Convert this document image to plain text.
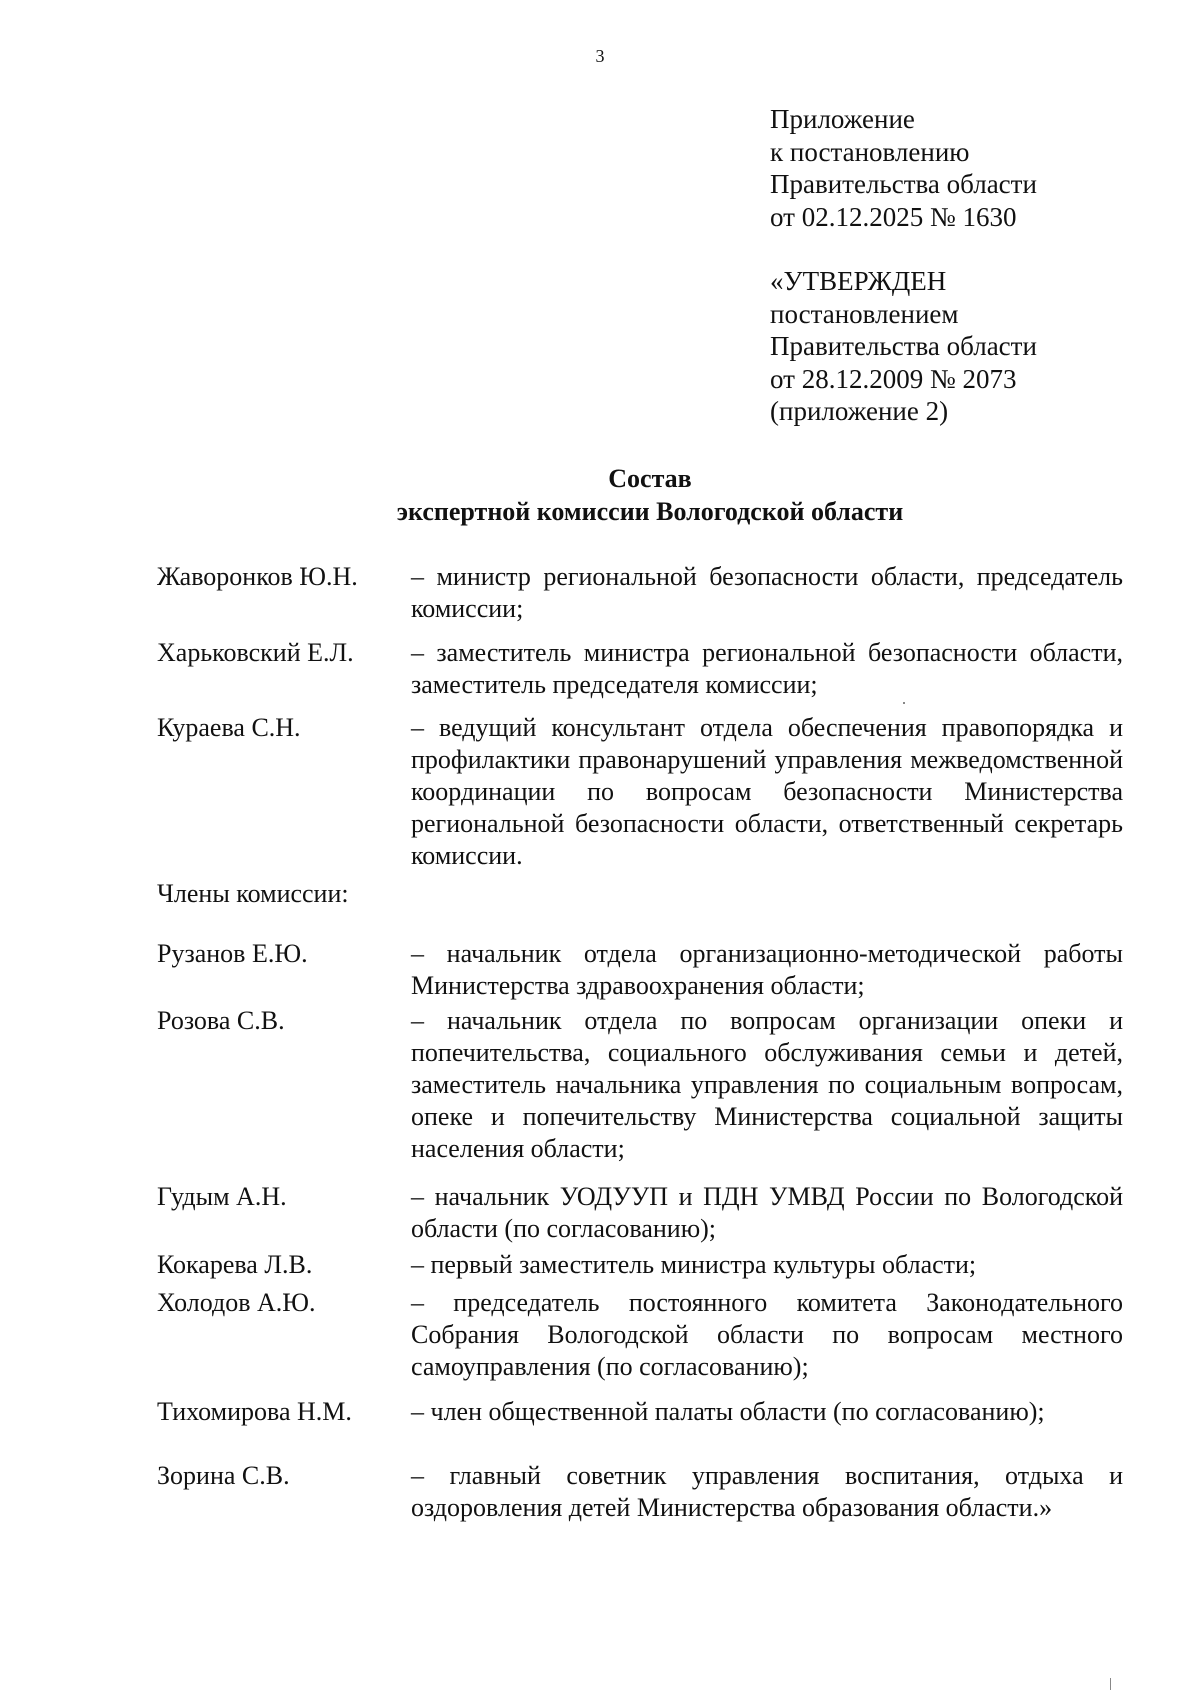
3
Приложение
к постановлению
Правительства области
от 02.12.2025 № 1630
«УТВЕРЖДЕН
постановлением
Правительства области
от 28.12.2009 № 2073
(приложение 2)
Состав
экспертной комиссии Вологодской области
Жаворонков Ю.Н.	– министр региональной безопасности области, председатель комиссии;
Харьковский Е.Л.	– заместитель министра региональной безопасности области, заместитель председателя комиссии;
Кураева С.Н.	– ведущий консультант отдела обеспечения правопорядка и профилактики правонарушений управления межведомственной координации по вопросам безопасности Министерства региональной безопасности области, ответственный секретарь комиссии.
Члены комиссии:
Рузанов Е.Ю.	– начальник отдела организационно-методической работы Министерства здравоохранения области;
Розова С.В.	– начальник отдела по вопросам организации опеки и попечительства, социального обслуживания семьи и детей, заместитель начальника управления по социальным вопросам, опеке и попечительству Министерства социальной защиты населения области;
Гудым А.Н.	– начальник УОДУУП и ПДН УМВД России по Вологодской области (по согласованию);
Кокарева Л.В.	– первый заместитель министра культуры области;
Холодов А.Ю.	– председатель постоянного комитета Законодательного Собрания Вологодской области по вопросам местного самоуправления (по согласованию);
Тихомирова Н.М.	– член общественной палаты области (по согласованию);
Зорина С.В.	– главный советник управления воспитания, отдыха и оздоровления детей Министерства образования области.»
